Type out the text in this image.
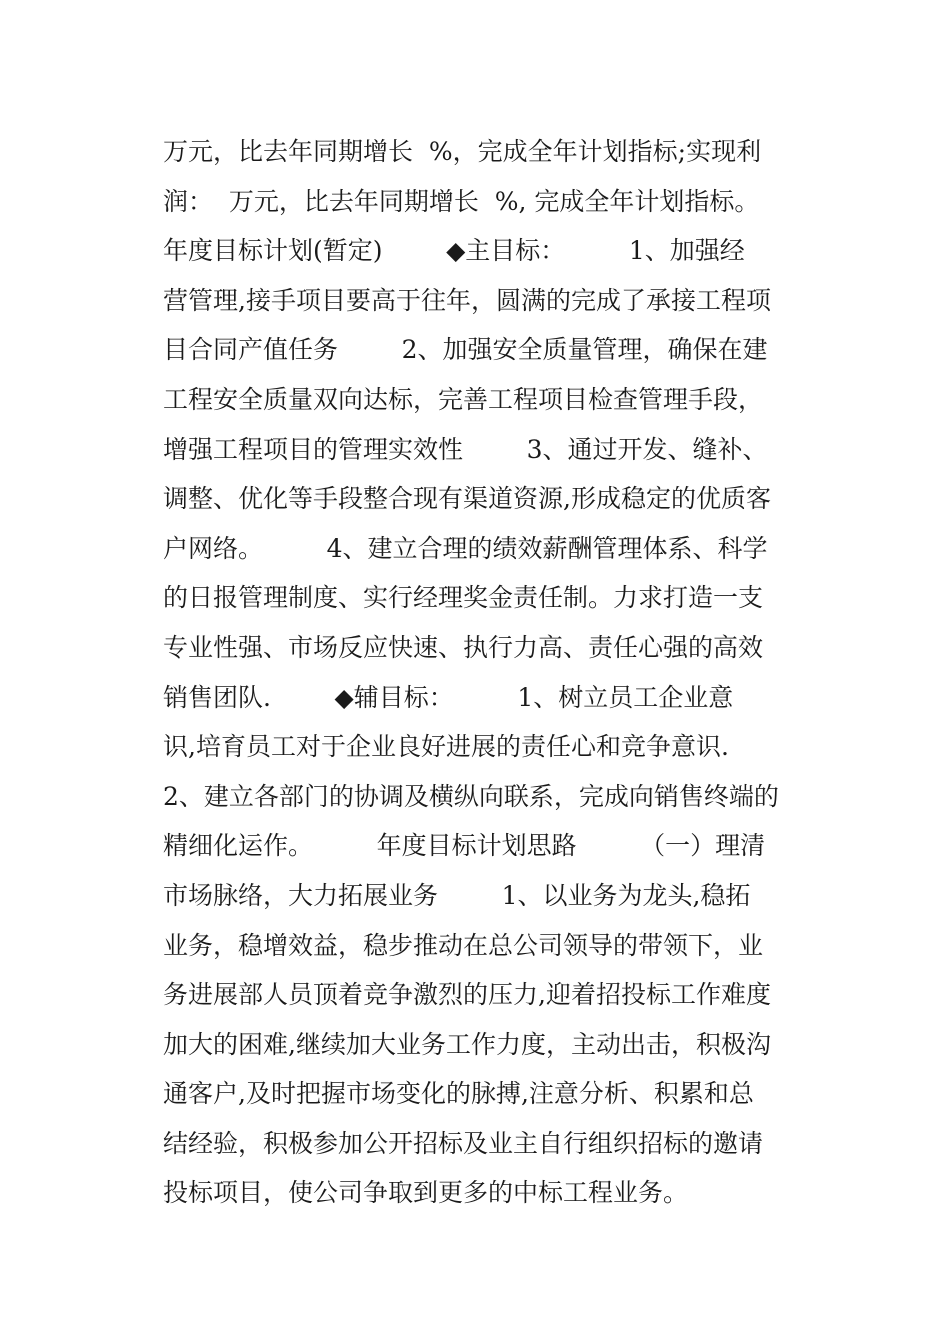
万元，比去年同期增长  %，完成全年计划指标;实现利
润：  万元，比去年同期增长  %, 完成全年计划指标。
年度目标计划(暂定)        ◆主目标：        1、加强经
营管理,接手项目要高于往年，圆满的完成了承接工程项
目合同产值任务        2、加强安全质量管理，确保在建
工程安全质量双向达标，完善工程项目检查管理手段，
增强工程项目的管理实效性        3、通过开发、缝补、
调整、优化等手段整合现有渠道资源,形成稳定的优质客
户网络。        4、建立合理的绩效薪酬管理体系、科学
的日报管理制度、实行经理奖金责任制。力求打造一支
专业性强、市场反应快速、执行力高、责任心强的高效
销售团队.        ◆辅目标：        1、树立员工企业意
识,培育员工对于企业良好进展的责任心和竞争意识.
2、建立各部门的协调及横纵向联系，完成向销售终端的
精细化运作。        年度目标计划思路        （一）理清
市场脉络，大力拓展业务        1、以业务为龙头,稳拓
业务，稳增效益，稳步推动在总公司领导的带领下，业
务进展部人员顶着竞争激烈的压力,迎着招投标工作难度
加大的困难,继续加大业务工作力度，主动出击，积极沟
通客户,及时把握市场变化的脉搏,注意分析、积累和总
结经验，积极参加公开招标及业主自行组织招标的邀请
投标项目，使公司争取到更多的中标工程业务。
